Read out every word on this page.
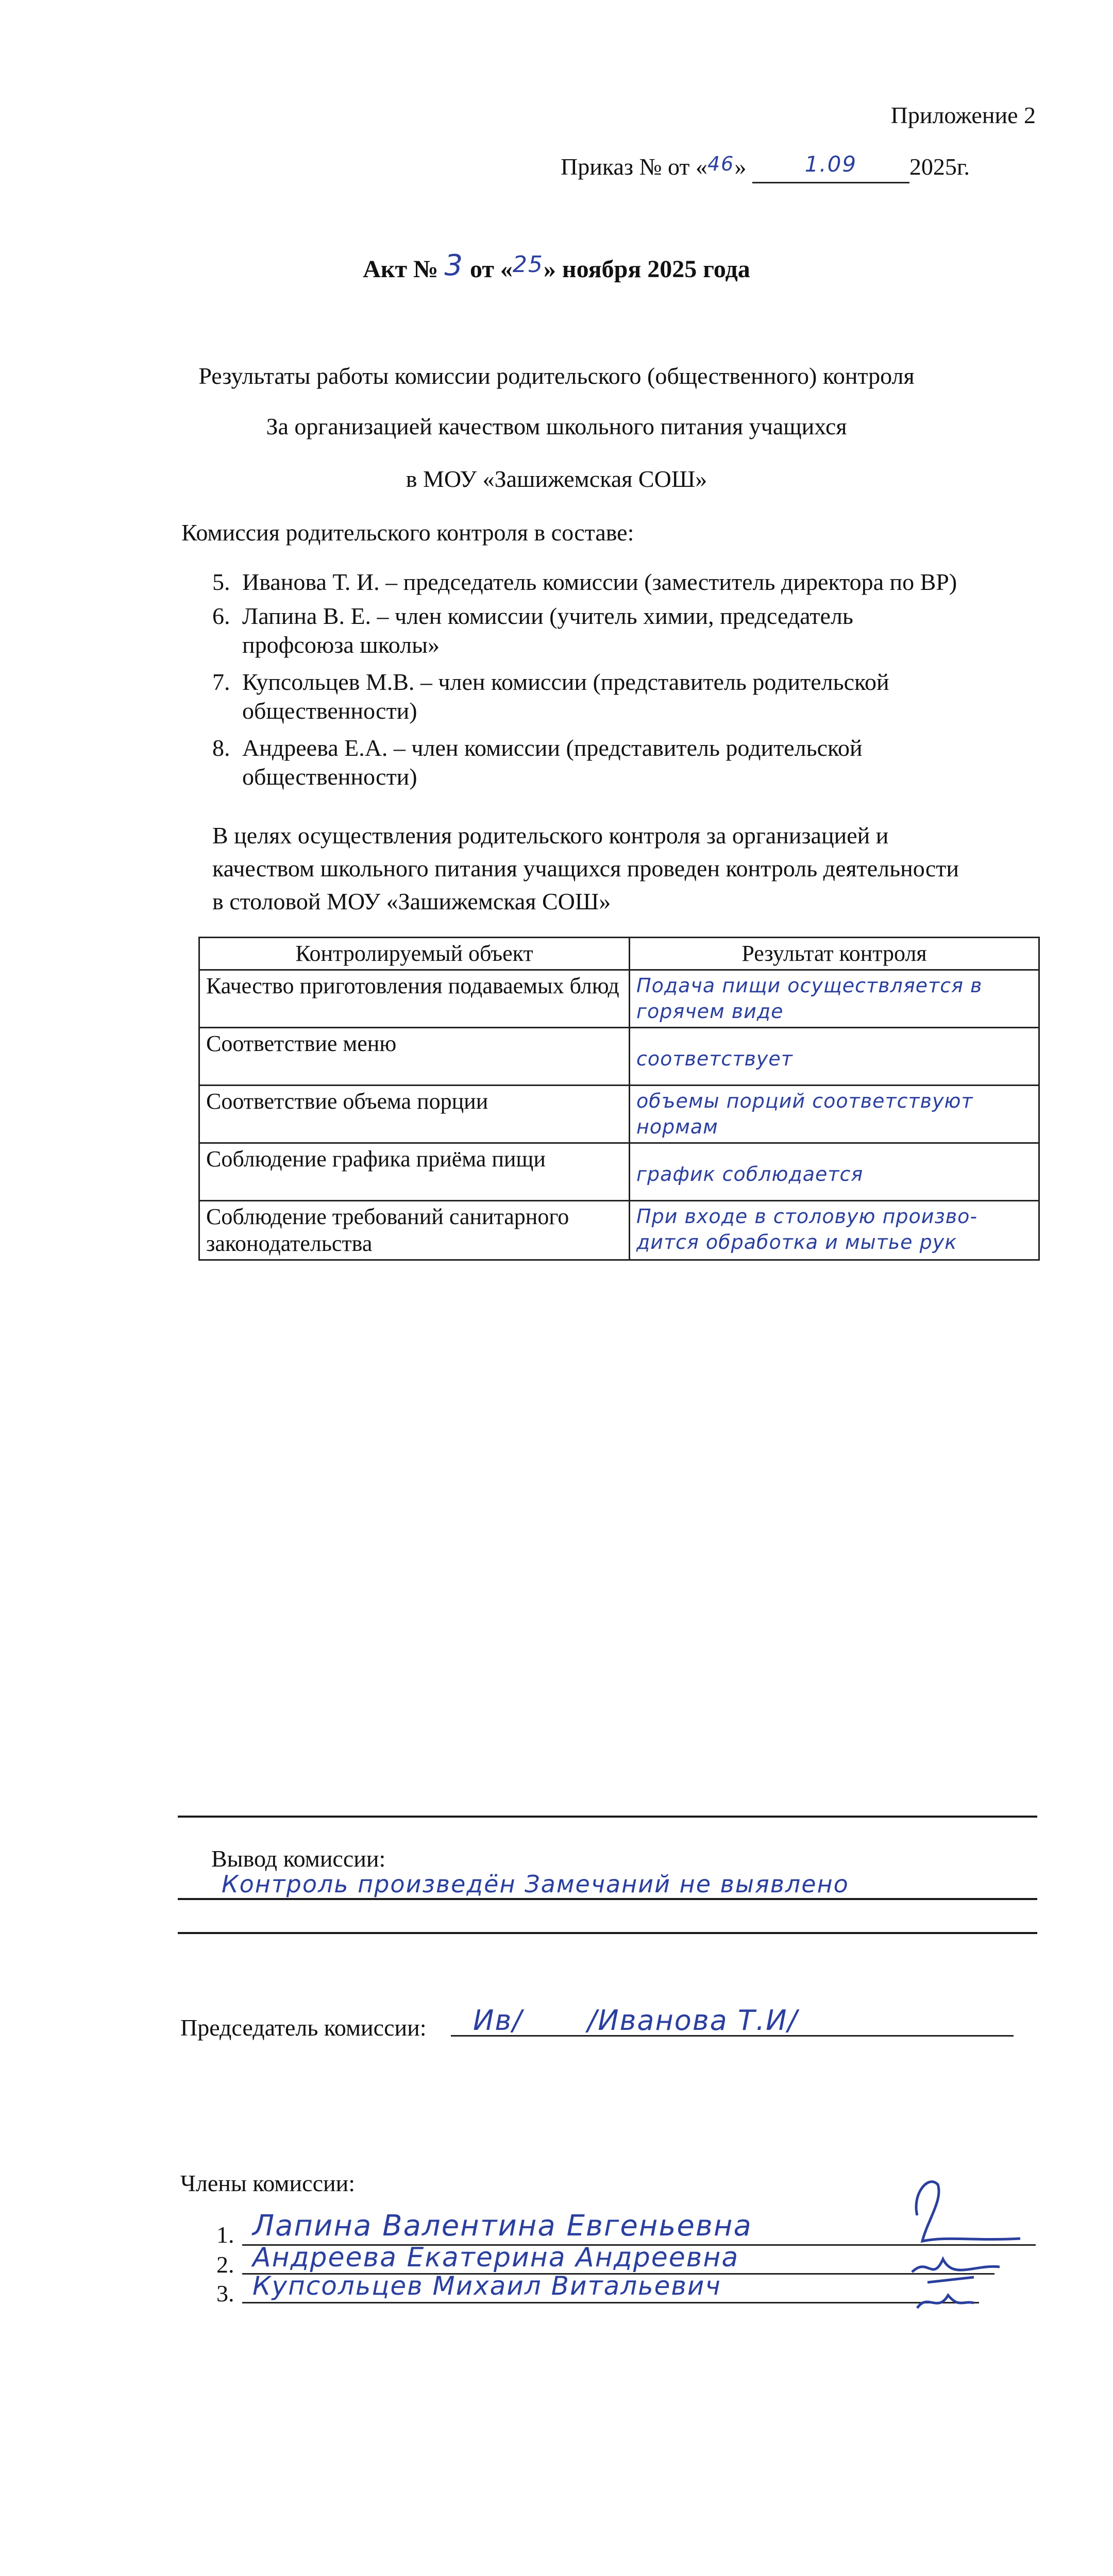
Приложение 2
Приказ № от «46»	1.09 2025г.
Акт № 3 от «25» ноября 2025 года
Результаты работы комиссии родительского (общественного) контроля
За организацией качеством школьного питания учащихся
в МОУ «Зашижемская СОШ»
Комиссия родительского контроля в составе:
5. Иванова Т. И. – председатель комиссии (заместитель директора по ВР)
6. Лапина В. Е. – член комиссии (учитель химии, председатель
профсоюза школы»
7. Купсольцев М.В. – член комиссии (представитель родительской
общественности)
8. Андреева Е.А. – член комиссии (представитель родительской
общественности)
В целях осуществления родительского контроля за организацией и
качеством школьного питания учащихся проведен контроль деятельности
в столовой МОУ «Зашижемская СОШ»
Контролируемый объект	Результат контроля
Качество приготовления подаваемых блюд	Подача пищи осуществляется в горячем виде

Соответствие меню	соответствует

Соответствие объема порции	объемы порций соответствуют нормам

Соблюдение графика приёма пищи	график соблюдается

Соблюдение требований санитарного законодательства	При входе в столовую произво-дится обработка и мытье рук
Вывод комиссии:
Контроль произведён Замечаний не выявлено
Председатель комиссии: Ив/ /Иванова Т.И/
Члены комиссии:
1. Лапина Валентина Евгеньевна
2. Андреева Екатерина Андреевна
3. Купсольцев Михаил Витальевич
